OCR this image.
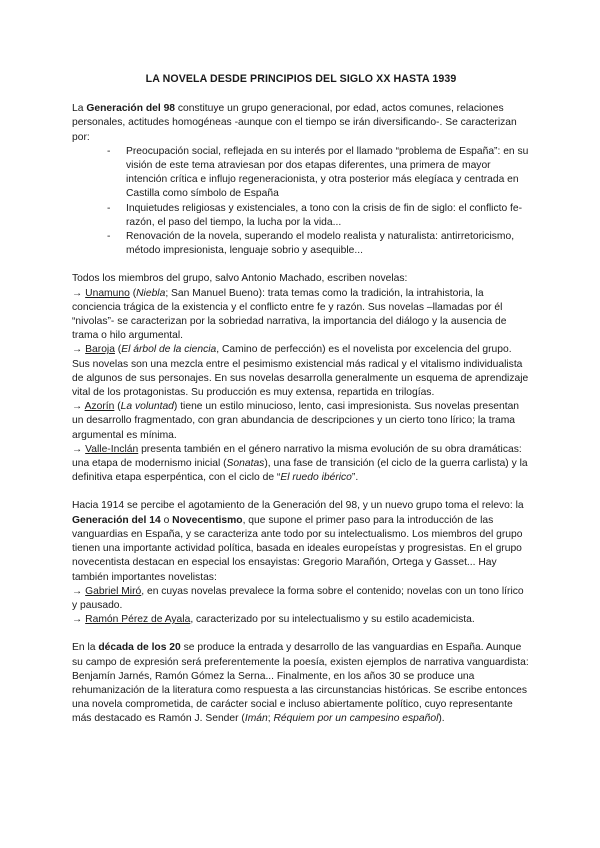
LA NOVELA DESDE PRINCIPIOS DEL SIGLO XX HASTA 1939

La Generación del 98 constituye un grupo generacional, por edad, actos comunes, relaciones personales, actitudes homogéneas -aunque con el tiempo se irán diversificando-. Se caracterizan por:

- Preocupación social, reflejada en su interés por el llamado “problema de España”: en su visión de este tema atraviesan por dos etapas diferentes, una primera de mayor intención crítica e influjo regeneracionista, y otra posterior más elegíaca y centrada en Castilla como símbolo de España
- Inquietudes religiosas y existenciales, a tono con la crisis de fin de siglo: el conflicto fe-razón, el paso del tiempo, la lucha por la vida...
- Renovación de la novela, superando el modelo realista y naturalista: antirretoricismo, método impresionista, lenguaje sobrio y asequible...

Todos los miembros del grupo, salvo Antonio Machado, escriben novelas:

→ Unamuno (Niebla; San Manuel Bueno): trata temas como la tradición, la intrahistoria, la conciencia trágica de la existencia y el conflicto entre fe y razón. Sus novelas –llamadas por él “nivolas”- se caracterizan por la sobriedad narrativa, la importancia del diálogo y la ausencia de trama o hilo argumental.

→ Baroja (El árbol de la ciencia, Camino de perfección) es el novelista por excelencia del grupo. Sus novelas son una mezcla entre el pesimismo existencial más radical y el vitalismo individualista de algunos de sus personajes. En sus novelas desarrolla generalmente un esquema de aprendizaje vital de los protagonistas. Su producción es muy extensa, repartida en trilogías.

→ Azorín (La voluntad) tiene un estilo minucioso, lento, casi impresionista. Sus novelas presentan un desarrollo fragmentado, con gran abundancia de descripciones y un cierto tono lírico; la trama argumental es mínima.

→ Valle-Inclán presenta también en el género narrativo la misma evolución de su obra dramáticas: una etapa de modernismo inicial (Sonatas), una fase de transición (el ciclo de la guerra carlista) y la definitiva etapa esperpéntica, con el ciclo de “El ruedo ibérico”.

Hacia 1914 se percibe el agotamiento de la Generación del 98, y un nuevo grupo toma el relevo: la Generación del 14 o Novecentismo, que supone el primer paso para la introducción de las vanguardias en España, y se caracteriza ante todo por su intelectualismo. Los miembros del grupo tienen una importante actividad política, basada en ideales europeístas y progresistas. En el grupo novecentista destacan en especial los ensayistas: Gregorio Marañón, Ortega y Gasset... Hay también importantes novelistas:

→ Gabriel Miró, en cuyas novelas prevalece la forma sobre el contenido; novelas con un tono lírico y pausado.

→ Ramón Pérez de Ayala, caracterizado por su intelectualismo y su estilo academicista.

En la década de los 20 se produce la entrada y desarrollo de las vanguardias en España. Aunque su campo de expresión será preferentemente la poesía, existen ejemplos de narrativa vanguardista: Benjamín Jarnés, Ramón Gómez la Serna... Finalmente, en los años 30 se produce una rehumanización de la literatura como respuesta a las circunstancias históricas. Se escribe entonces una novela comprometida, de carácter social e incluso abiertamente político, cuyo representante más destacado es Ramón J. Sender (Imán; Réquiem por un campesino español).
